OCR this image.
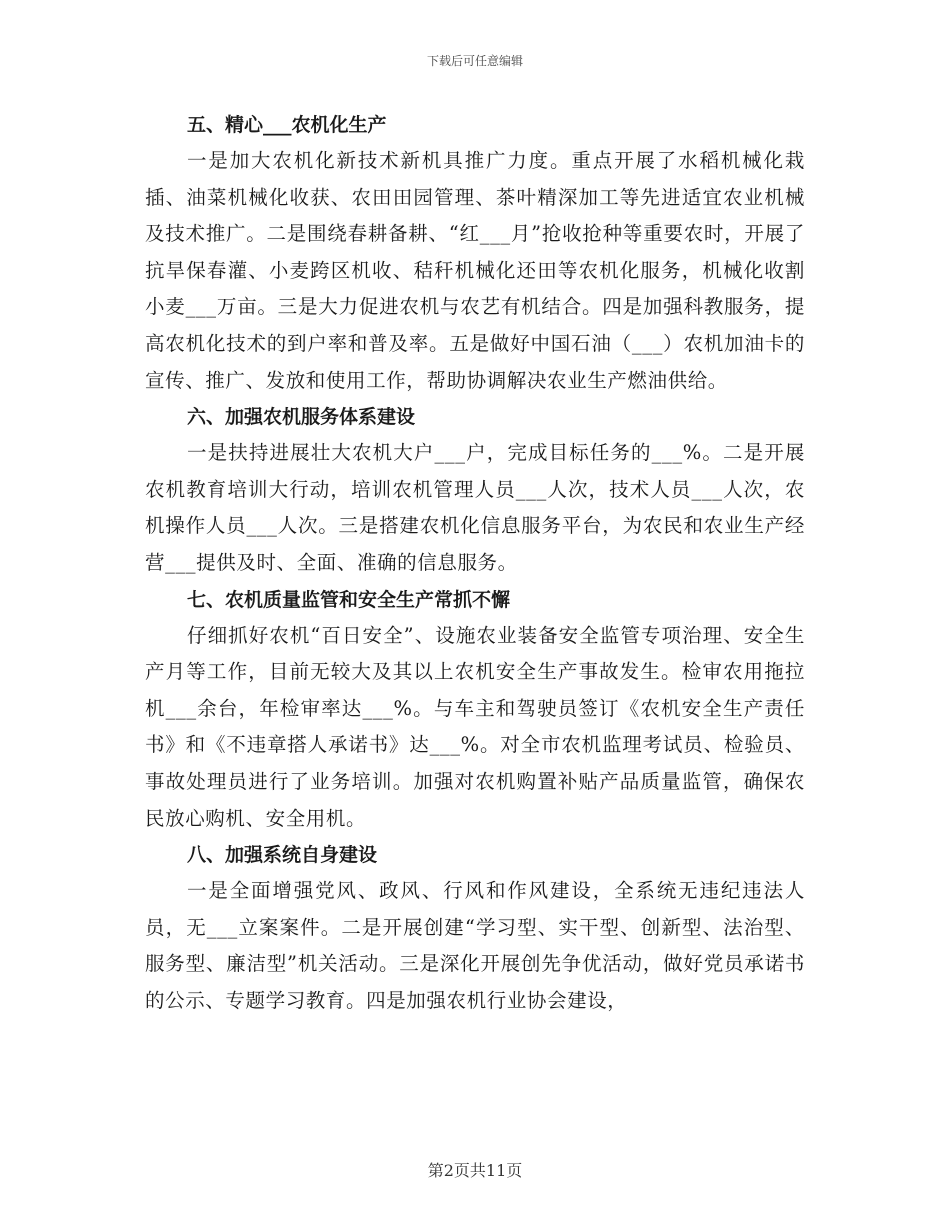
下载后可任意编辑
五、精心___农机化生产

一是加大农机化新技术新机具推广力度。重点开展了水稻机械化栽插、油菜机械化收获、农田田园管理、茶叶精深加工等先进适宜农业机械及技术推广。二是围绕春耕备耕、“红___月”抢收抢种等重要农时，开展了抗旱保春灌、小麦跨区机收、秸秆机械化还田等农机化服务，机械化收割小麦___万亩。三是大力促进农机与农艺有机结合。四是加强科教服务，提高农机化技术的到户率和普及率。五是做好中国石油（___）农机加油卡的宣传、推广、发放和使用工作，帮助协调解决农业生产燃油供给。

六、加强农机服务体系建设

一是扶持进展壮大农机大户___户，完成目标任务的___%。二是开展农机教育培训大行动，培训农机管理人员___人次，技术人员___人次，农机操作人员___人次。三是搭建农机化信息服务平台，为农民和农业生产经营___提供及时、全面、准确的信息服务。

七、农机质量监管和安全生产常抓不懈

仔细抓好农机“百日安全”、设施农业装备安全监管专项治理、安全生产月等工作，目前无较大及其以上农机安全生产事故发生。检审农用拖拉机___余台，年检审率达___%。与车主和驾驶员签订《农机安全生产责任书》和《不违章搭人承诺书》达___%。对全市农机监理考试员、检验员、事故处理员进行了业务培训。加强对农机购置补贴产品质量监管，确保农民放心购机、安全用机。

八、加强系统自身建设

一是全面增强党风、政风、行风和作风建设，全系统无违纪违法人员，无___立案案件。二是开展创建“学习型、实干型、创新型、法治型、服务型、廉洁型”机关活动。三是深化开展创先争优活动，做好党员承诺书的公示、专题学习教育。四是加强农机行业协会建设，

第2页共11页
